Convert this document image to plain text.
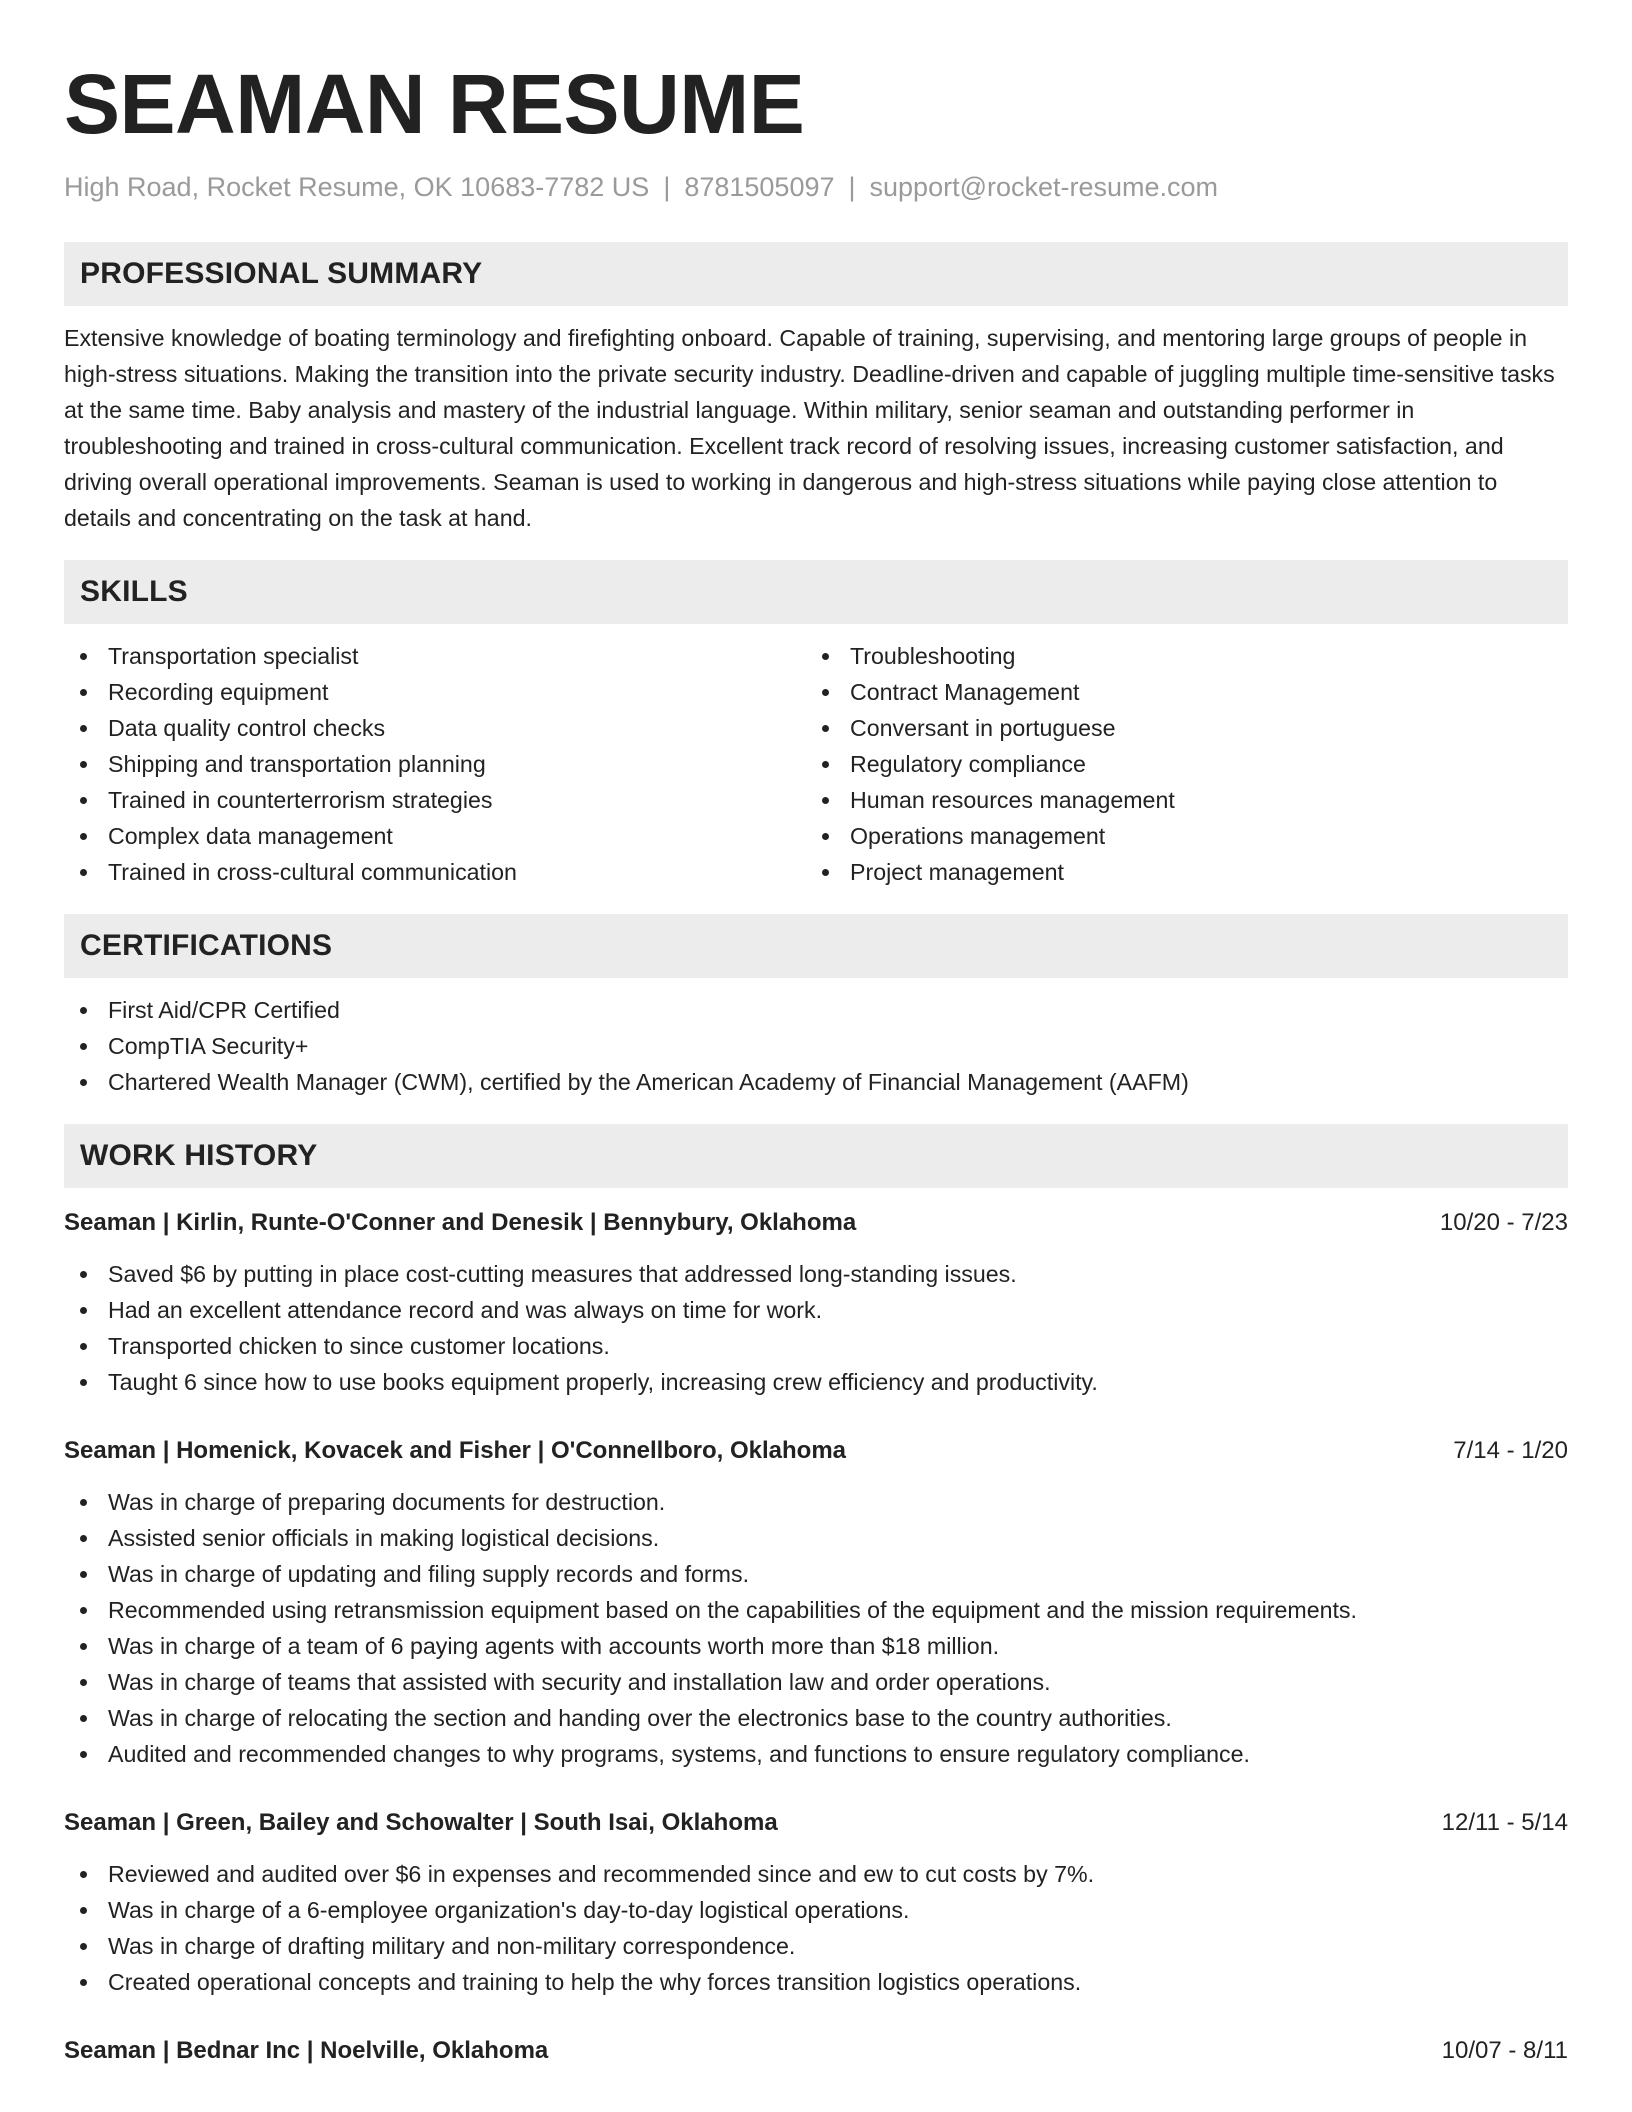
SEAMAN RESUME
High Road, Rocket Resume, OK 10683-7782 US | 8781505097 | support@rocket-resume.com
PROFESSIONAL SUMMARY

Extensive knowledge of boating terminology and firefighting onboard. Capable of training, supervising, and mentoring large groups of people in high-stress situations. Making the transition into the private security industry. Deadline-driven and capable of juggling multiple time-sensitive tasks at the same time. Baby analysis and mastery of the industrial language. Within military, senior seaman and outstanding performer in troubleshooting and trained in cross-cultural communication. Excellent track record of resolving issues, increasing customer satisfaction, and driving overall operational improvements. Seaman is used to working in dangerous and high-stress situations while paying close attention to details and concentrating on the task at hand.

SKILLS
Transportation specialist
Recording equipment
Data quality control checks
Shipping and transportation planning
Trained in counterterrorism strategies
Complex data management
Trained in cross-cultural communication
Troubleshooting
Contract Management
Conversant in portuguese
Regulatory compliance
Human resources management
Operations management
Project management
CERTIFICATIONS
First Aid/CPR Certified
CompTIA Security+
Chartered Wealth Manager (CWM), certified by the American Academy of Financial Management (AAFM)
WORK HISTORY
Seaman | Kirlin, Runte-O'Conner and Denesik | Bennybury, Oklahoma	10/20 - 7/23
Saved $6 by putting in place cost-cutting measures that addressed long-standing issues.
Had an excellent attendance record and was always on time for work.
Transported chicken to since customer locations.
Taught 6 since how to use books equipment properly, increasing crew efficiency and productivity.
Seaman | Homenick, Kovacek and Fisher | O'Connellboro, Oklahoma	7/14 - 1/20
Was in charge of preparing documents for destruction.
Assisted senior officials in making logistical decisions.
Was in charge of updating and filing supply records and forms.
Recommended using retransmission equipment based on the capabilities of the equipment and the mission requirements.
Was in charge of a team of 6 paying agents with accounts worth more than $18 million.
Was in charge of teams that assisted with security and installation law and order operations.
Was in charge of relocating the section and handing over the electronics base to the country authorities.
Audited and recommended changes to why programs, systems, and functions to ensure regulatory compliance.
Seaman | Green, Bailey and Schowalter | South Isai, Oklahoma	12/11 - 5/14
Reviewed and audited over $6 in expenses and recommended since and ew to cut costs by 7%.
Was in charge of a 6-employee organization's day-to-day logistical operations.
Was in charge of drafting military and non-military correspondence.
Created operational concepts and training to help the why forces transition logistics operations.
Seaman | Bednar Inc | Noelville, Oklahoma	10/07 - 8/11
